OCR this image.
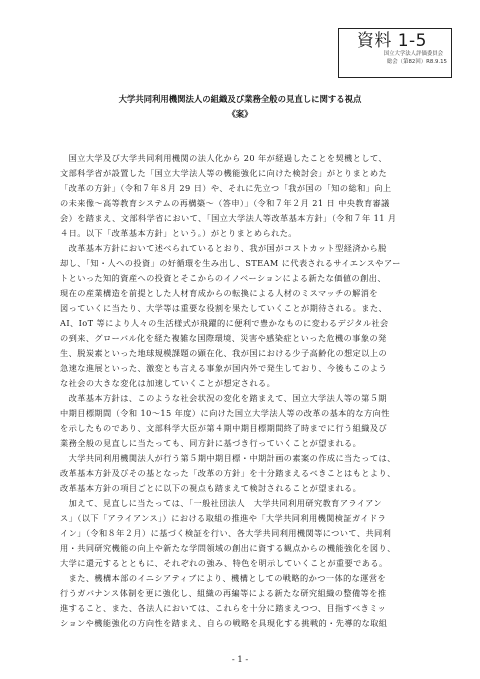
資料 1-5
国立大学法人評価委員会
総会（第82回）R8.9.15
大学共同利用機関法人の組織及び業務全般の見直しに関する視点
《案》
　国立大学及び大学共同利用機関の法人化から 20 年が経過したことを契機として、
文部科学省が設置した「国立大学法人等の機能強化に向けた検討会」がとりまとめた
「改革の方針」（令和７年８月 29 日）や、それに先立つ「我が国の「知の総和」向上
の未来像～高等教育システムの再構築～（答申）」（令和７年２月 21 日 中央教育審議
会）を踏まえ、文部科学省において、「国立大学法人等改革基本方針」（令和７年 11 月
４日。以下「改革基本方針」という。）がとりまとめられた。
　改革基本方針において述べられているとおり、我が国がコストカット型経済から脱
却し、「知・人への投資」の好循環を生み出し、STEAM に代表されるサイエンスやアー
トといった知的資産への投資とそこからのイノベーションによる新たな価値の創出、
現在の産業構造を前提とした人材育成からの転換による人材のミスマッチの解消を
図っていくに当たり、大学等は重要な役割を果たしていくことが期待される。また、
AI、IoT 等により人々の生活様式が飛躍的に便利で豊かなものに変わるデジタル社会
の到来、グローバル化を経た複雑な国際環境、災害や感染症といった危機の事象の発
生、脱炭素といった地球規模課題の顕在化、我が国における少子高齢化の想定以上の
急速な進展といった、激変とも言える事象が国内外で発生しており、今後もこのよう
な社会の大きな変化は加速していくことが想定される。
　改革基本方針は、このような社会状況の変化を踏まえて、国立大学法人等の第５期
中期目標期間（令和 10～15 年度）に向けた国立大学法人等の改革の基本的な方向性
を示したものであり、文部科学大臣が第４期中期目標期間終了時までに行う組織及び
業務全般の見直しに当たっても、同方針に基づき行っていくことが望まれる。
　大学共同利用機関法人が行う第５期中期目標・中期計画の素案の作成に当たっては、
改革基本方針及びその基となった「改革の方針」を十分踏まえるべきことはもとより、
改革基本方針の項目ごとに以下の視点も踏まえて検討されることが望まれる。
　加えて、見直しに当たっては、「一般社団法人　大学共同利用研究教育アライアン
ス」（以下「アライアンス」）における取組の推進や「大学共同利用機関検証ガイドラ
イン」（令和８年２月）に基づく検証を行い、各大学共同利用機関等について、共同利
用・共同研究機能の向上や新たな学問領域の創出に資する観点からの機能強化を図り、
大学に還元するとともに、それぞれの強み、特色を明示していくことが重要である。
　また、機構本部のイニシアティブにより、機構としての戦略的かつ一体的な運営を
行うガバナンス体制を更に強化し、組織の再編等による新たな研究組織の整備等を推
進すること、また、各法人においては、これらを十分に踏まえつつ、目指すべきミッ
ションや機能強化の方向性を踏まえ、自らの戦略を具現化する挑戦的・先導的な取組
- 1 -
